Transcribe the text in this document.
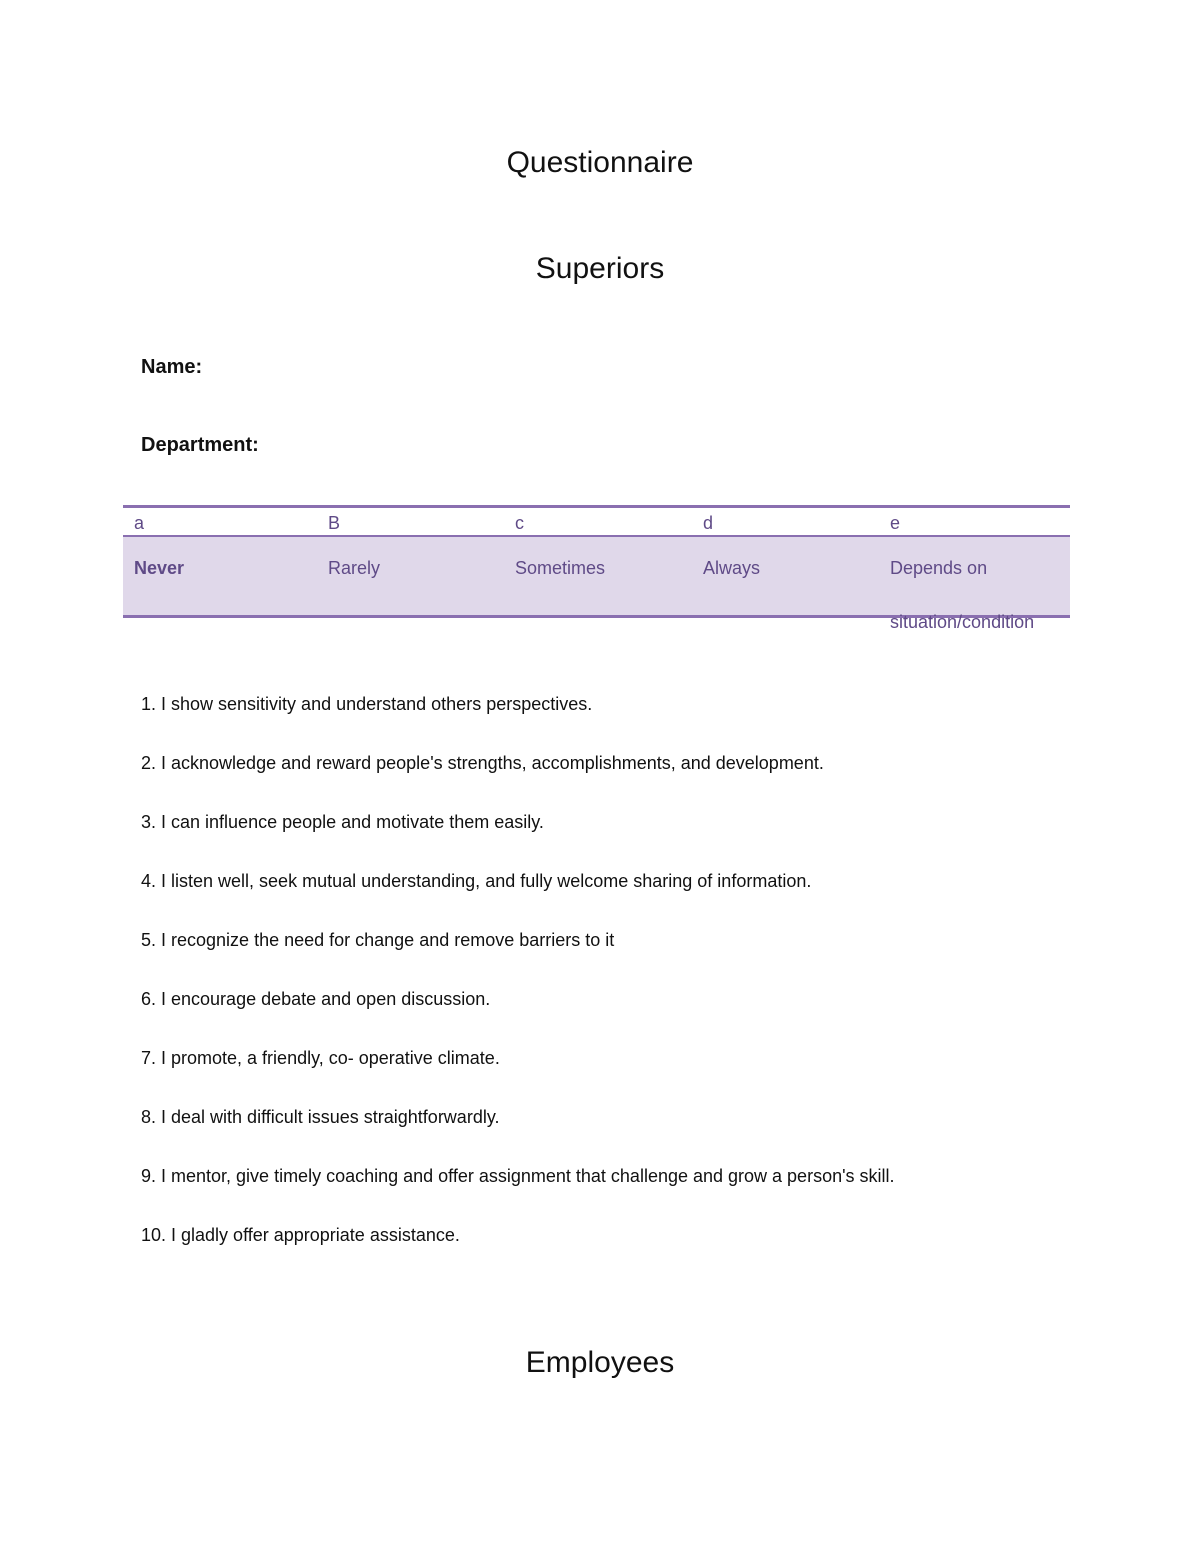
Questionnaire
Superiors

Name:

Department:

a	B	c	d	e
Never	Rarely	Sometimes	Always	Depends on situation/condition
1. I show sensitivity and understand others perspectives.
2. I acknowledge and reward people's strengths, accomplishments, and development.
3. I can influence people and motivate them easily.
4. I listen well, seek mutual understanding, and fully welcome sharing of information.
5. I recognize the need for change and remove barriers to it
6. I encourage debate and open discussion.
7. I promote, a friendly, co- operative climate.
8. I deal with difficult issues straightforwardly.
9. I mentor, give timely coaching and offer assignment that challenge and grow a person's skill.
10. I gladly offer appropriate assistance.
Employees
